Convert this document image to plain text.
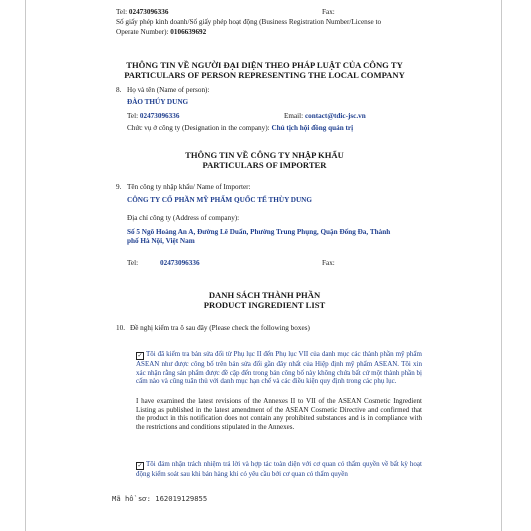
Tel: 02473096336	Fax:
Số giấy phép kinh doanh/Số giấy phép hoạt động (Business Registration Number/License to
Operate Number): 0106639692
THÔNG TIN VỀ NGƯỜI ĐẠI DIỆN THEO PHÁP LUẬT CỦA CÔNG TY
PARTICULARS OF PERSON REPRESENTING THE LOCAL COMPANY
8. Họ và tên (Name of person):
ĐÀO THÚY DUNG
Tel: 02473096336	Email: contact@tdic-jsc.vn
Chức vụ ở công ty (Designation in the company): Chủ tịch hội đồng quản trị
THÔNG TIN VỀ CÔNG TY NHẬP KHẨU
PARTICULARS OF IMPORTER
9. Tên công ty nhập khẩu/ Name of Importer:
CÔNG TY CỔ PHẦN MỸ PHẨM QUỐC TẾ THÙY DUNG
Địa chỉ công ty (Address of company):
Số 5 Ngõ Hoàng An A, Đường Lê Duẩn, Phường Trung Phụng, Quận Đống Đa, Thành
phố Hà Nội, Việt Nam
Tel:	02473096336	Fax:
DANH SÁCH THÀNH PHẦN
PRODUCT INGREDIENT LIST
10. Đề nghị kiểm tra ô sau đây (Please check the following boxes)
✓ Tôi đã kiểm tra bản sửa đổi từ Phụ lục II đến Phụ lục VII của danh mục các thành phần mỹ phẩm ASEAN như được công bố trên bản sửa đổi gần đây nhất của Hiệp định mỹ phẩm ASEAN. Tôi xin xác nhận rằng sản phẩm được đề cập đến trong bản công bố này không chứa bất cứ một thành phần bị cấm nào và cũng tuân thủ với danh mục hạn chế và các điều kiện quy định trong các phụ lục.
I have examined the latest revisions of the Annexes II to VII of the ASEAN Cosmetic Ingredient Listing as published in the latest amendment of the ASEAN Cosmetic Directive and confirmed that the product in this notification does not contain any prohibited substances and is in compliance with the restrictions and conditions stipulated in the Annexes.
✓ Tôi đảm nhận trách nhiệm trả lời và hợp tác toàn diện với cơ quan có thẩm quyền về bất kỳ hoạt động kiểm soát sau khi bán hàng khi có yêu cầu bởi cơ quan có thẩm quyền
Mã hồ sơ: 162019129855
